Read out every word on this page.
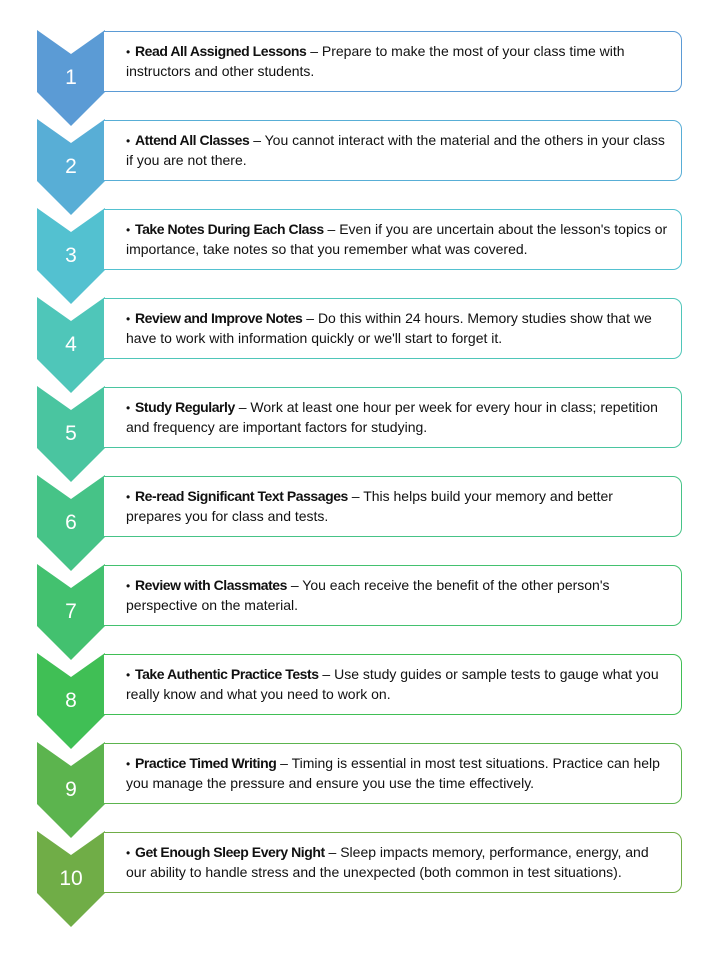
1
• Read All Assigned Lessons – Prepare to make the most of your class time with instructors and other students.
2
• Attend All Classes – You cannot interact with the material and the others in your class if you are not there.
3
• Take Notes During Each Class – Even if you are uncertain about the lesson's topics or importance, take notes so that you remember what was covered.
4
• Review and Improve Notes – Do this within 24 hours. Memory studies show that we have to work with information quickly or we'll start to forget it.
5
• Study Regularly – Work at least one hour per week for every hour in class; repetition and frequency are important factors for studying.
6
• Re-read Significant Text Passages – This helps build your memory and better prepares you for class and tests.
7
• Review with Classmates – You each receive the benefit of the other person's perspective on the material.
8
• Take Authentic Practice Tests – Use study guides or sample tests to gauge what you really know and what you need to work on.
9
• Practice Timed Writing – Timing is essential in most test situations. Practice can help you manage the pressure and ensure you use the time effectively.
10
• Get Enough Sleep Every Night – Sleep impacts memory, performance, energy, and our ability to handle stress and the unexpected (both common in test situations).
